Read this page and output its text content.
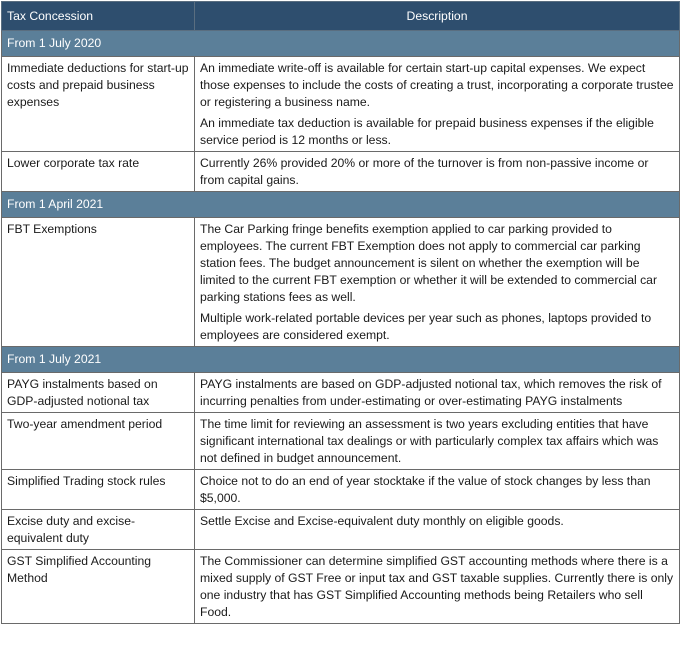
Tax Concession	Description
From 1 July 2020	
Immediate deductions for start-up costs and prepaid business expenses	An immediate write-off is available for certain start-up capital expenses. We expect those expenses to include the costs of creating a trust, incorporating a corporate trustee or registering a business name.

An immediate tax deduction is available for prepaid business expenses if the eligible service period is 12 months or less.

Lower corporate tax rate	Currently 26% provided 20% or more of the turnover is from non-passive income or from capital gains.

From 1 April 2021	
FBT Exemptions	The Car Parking fringe benefits exemption applied to car parking provided to employees. The current FBT Exemption does not apply to commercial car parking station fees. The budget announcement is silent on whether the exemption will be limited to the current FBT exemption or whether it will be extended to commercial car parking stations fees as well.

Multiple work-related portable devices per year such as phones, laptops provided to employees are considered exempt.

From 1 July 2021	
PAYG instalments based on GDP-adjusted notional tax	PAYG instalments are based on GDP-adjusted notional tax, which removes the risk of incurring penalties from under-estimating or over-estimating PAYG instalments

Two-year amendment period	The time limit for reviewing an assessment is two years excluding entities that have significant international tax dealings or with particularly complex tax affairs which was not defined in budget announcement.

Simplified Trading stock rules	Choice not to do an end of year stocktake if the value of stock changes by less than $5,000.

Excise duty and excise-equivalent duty	Settle Excise and Excise-equivalent duty monthly on eligible goods.

GST Simplified Accounting Method	The Commissioner can determine simplified GST accounting methods where there is a mixed supply of GST Free or input tax and GST taxable supplies. Currently there is only one industry that has GST Simplified Accounting methods being Retailers who sell Food.
